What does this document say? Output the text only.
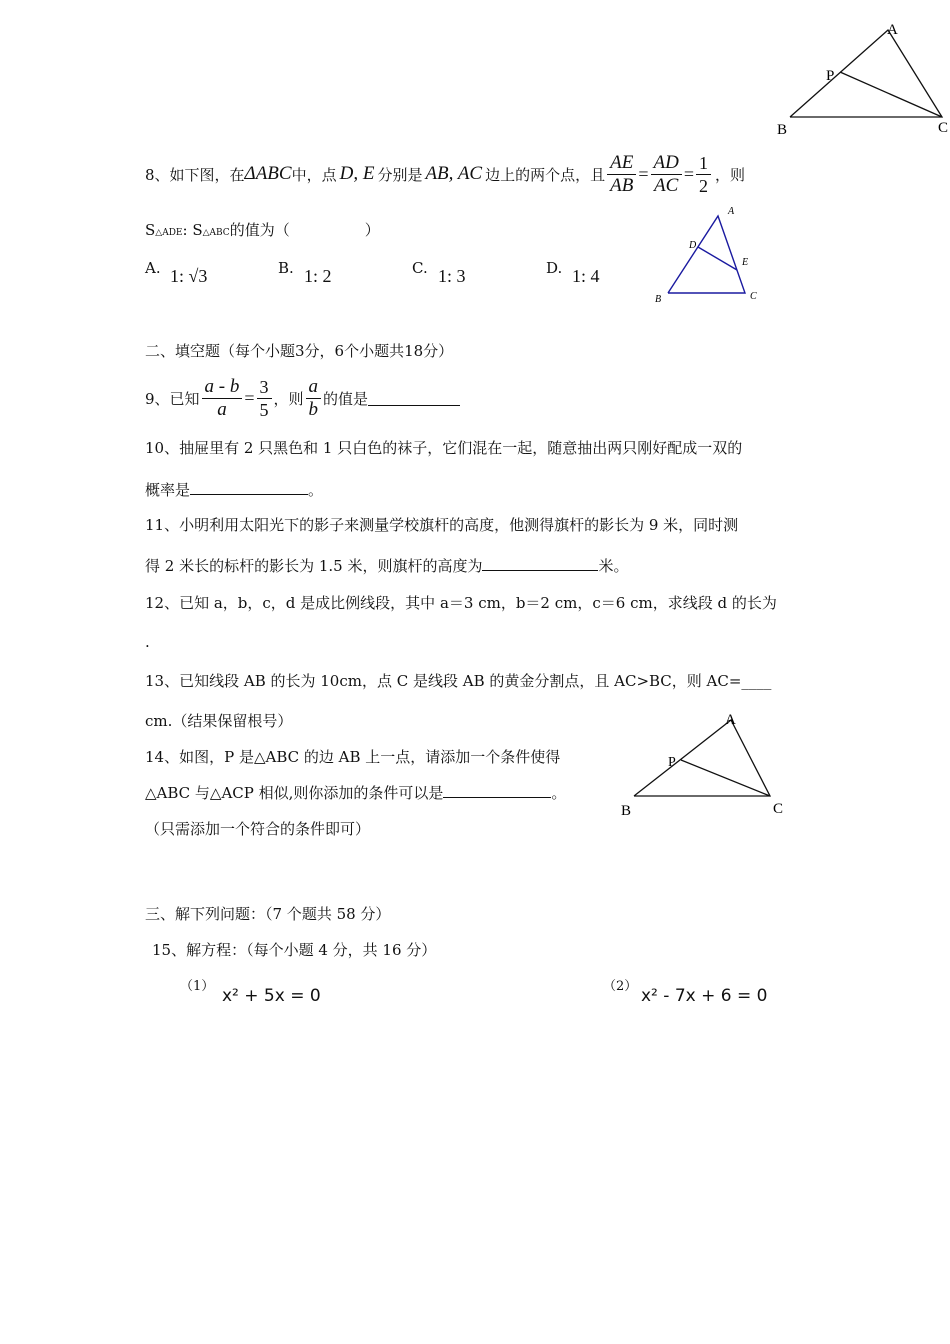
A
P
B	C
8、如下图，在 ΔABC 中，点 D, E 分别是 AB, AC 边上的两个点，且 $\frac{AE}{AB} = \frac{AD}{AC} = \frac{1}{2}$ ，则
S△ADE: S△ABC的值为（　　　　　）
A. 1: √3	B. 1: 2	C. 1: 3	D. 1: 4
A
D
E
B	C
二、填空题（每个小题3分，6个小题共18分）
9、已知 $\frac{a - b}{a} = \frac{3}{5}$ ，则 $\frac{a}{b}$ 的值是
10、抽屉里有 2 只黑色和 1 只白色的袜子，它们混在一起，随意抽出两只刚好配成一双的
概率是	。
11、小明利用太阳光下的影子来测量学校旗杆的高度，他测得旗杆的影长为 9 米，同时测
得 2 米长的标杆的影长为 1.5 米，则旗杆的高度为	米。
12、已知 a，b，c，d 是成比例线段，其中 a＝3 cm，b＝2 cm，c＝6 cm，求线段 d 的长为
.
13、已知线段 AB 的长为 10cm，点 C 是线段 AB 的黄金分割点，且 AC>BC，则 AC=____
cm.（结果保留根号）
14、如图，P 是△ABC 的边 AB 上一点，请添加一个条件使得
△ABC 与△ACP 相似,则你添加的条件可以是	。
（只需添加一个符合的条件即可）
A
P
B	C
三、解下列问题：（7 个题共 58 分）
15、解方程：（每个小题 4 分，共 16 分）
（1） x² + 5x = 0	（2） x² - 7x + 6 = 0
